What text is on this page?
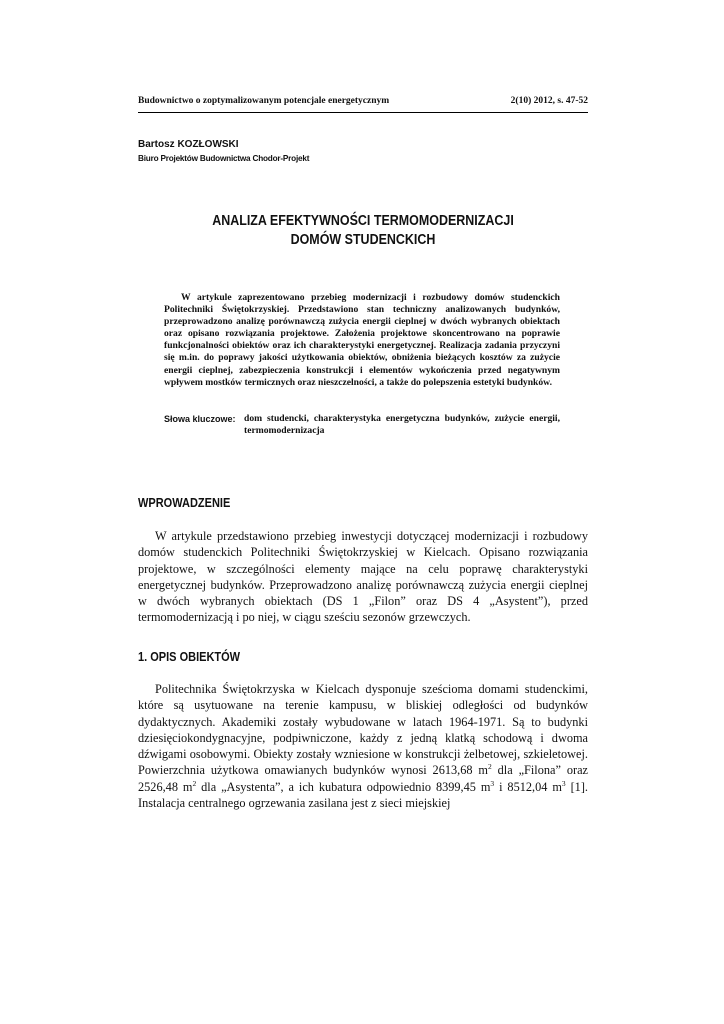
Budownictwo o zoptymalizowanym potencjale energetycznym	2(10) 2012, s. 47-52
Bartosz KOZŁOWSKI
Biuro Projektów Budownictwa Chodor-Projekt
ANALIZA EFEKTYWNOŚCI TERMOMODERNIZACJI
DOMÓW STUDENCKICH
W artykule zaprezentowano przebieg modernizacji i rozbudowy domów studenckich Politechniki Świętokrzyskiej. Przedstawiono stan techniczny analizowanych budynków, przeprowadzono analizę porównawczą zużycia energii cieplnej w dwóch wybranych obiektach oraz opisano rozwiązania projektowe. Założenia projektowe skoncentrowano na poprawie funkcjonalności obiektów oraz ich charakterystyki energetycznej. Realizacja zadania przyczyni się m.in. do poprawy jakości użytkowania obiektów, obniżenia bieżących kosztów za zużycie energii cieplnej, zabezpieczenia konstrukcji i elementów wykończenia przed negatywnym wpływem mostków termicznych oraz nieszczelności, a także do polepszenia estetyki budynków.
Słowa kluczowe: dom studencki, charakterystyka energetyczna budynków, zużycie energii, termomodernizacja
WPROWADZENIE
W artykule przedstawiono przebieg inwestycji dotyczącej modernizacji i rozbudowy domów studenckich Politechniki Świętokrzyskiej w Kielcach. Opisano rozwiązania projektowe, w szczególności elementy mające na celu poprawę charakterystyki energetycznej budynków. Przeprowadzono analizę porównawczą zużycia energii cieplnej w dwóch wybranych obiektach (DS 1 „Filon” oraz DS 4 „Asystent”), przed termomodernizacją i po niej, w ciągu sześciu sezonów grzewczych.
1. OPIS OBIEKTÓW
Politechnika Świętokrzyska w Kielcach dysponuje sześcioma domami studenckimi, które są usytuowane na terenie kampusu, w bliskiej odległości od budynków dydaktycznych. Akademiki zostały wybudowane w latach 1964-1971. Są to budynki dziesięciokondygnacyjne, podpiwniczone, każdy z jedną klatką schodową i dwoma dźwigami osobowymi. Obiekty zostały wzniesione w konstrukcji żelbetowej, szkieletowej. Powierzchnia użytkowa omawianych budynków wynosi 2613,68 $m^2$ dla „Filona” oraz 2526,48 $m^2$ dla „Asystenta”, a ich kubatura odpowiednio 8399,45 $m^3$ i 8512,04 $m^3$ [1]. Instalacja centralnego ogrzewania zasilana jest z sieci miejskiej
